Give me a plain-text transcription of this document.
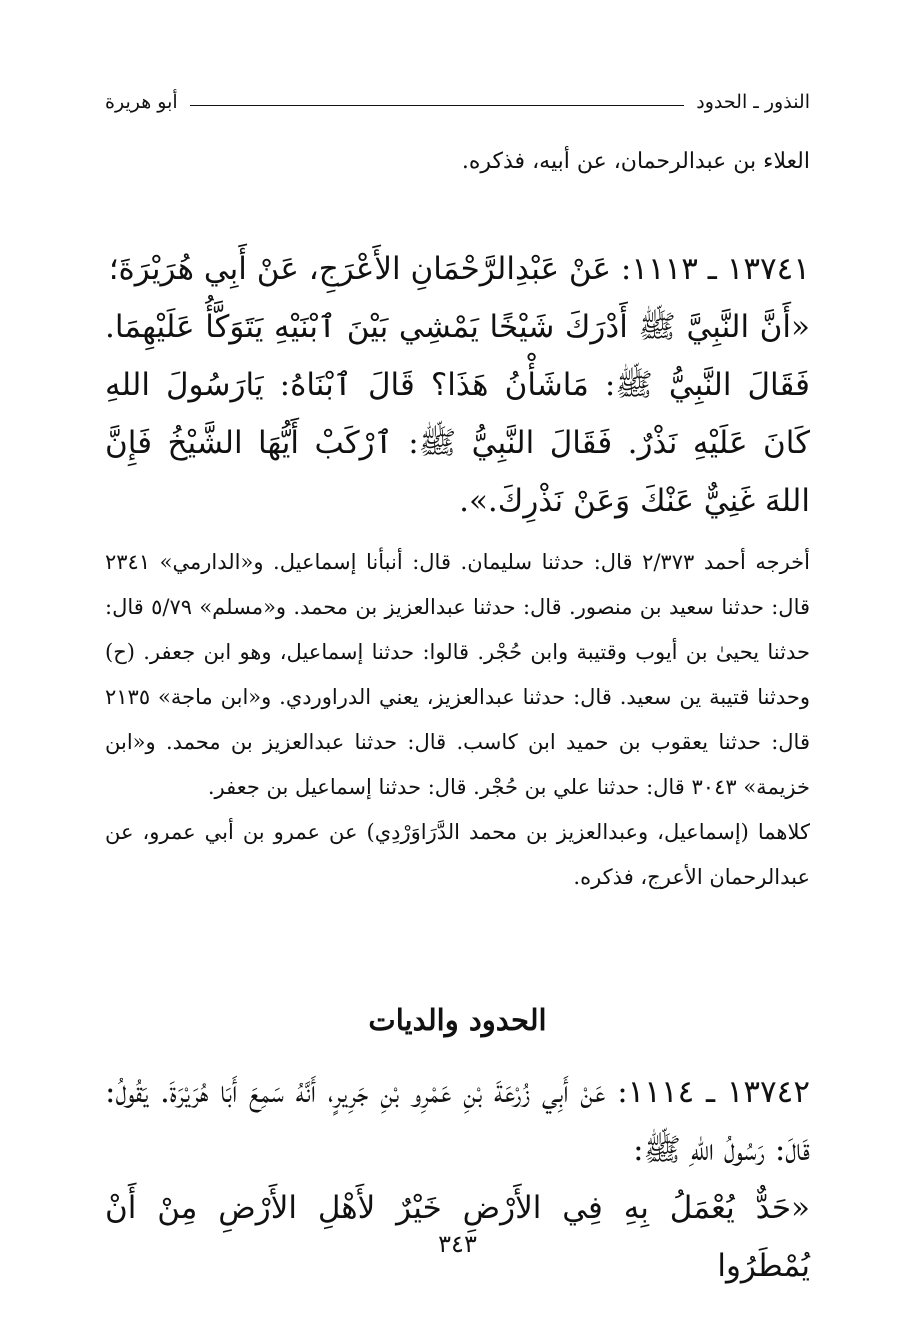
النذور ـ الحدود
أبو هريرة

العلاء بن عبدالرحمان، عن أبيه، فذكره.

١٣٧٤١ ـ ١١١٣: عَنْ عَبْدِالرَّحْمَانِ الأَعْرَجِ، عَنْ أَبِي هُرَيْرَةَ؛

«أَنَّ النَّبِيَّ ﷺ أَدْرَكَ شَيْخًا يَمْشِي بَيْنَ ٱبْنَيْهِ يَتَوَكَّأُ عَلَيْهِمَا. فَقَالَ النَّبِيُّ ﷺ: مَاشَأْنُ هَذَا؟ قَالَ ٱبْنَاهُ: يَارَسُولَ اللهِ كَانَ عَلَيْهِ نَذْرٌ. فَقَالَ النَّبِيُّ ﷺ: ٱرْكَبْ أَيُّهَا الشَّيْخُ فَإِنَّ اللهَ غَنِيٌّ عَنْكَ وَعَنْ نَذْرِكَ.».

أخرجه أحمد ٢/٣٧٣ قال: حدثنا سليمان. قال: أنبأنا إسماعيل. و«الدارمي» ٢٣٤١ قال: حدثنا سعيد بن منصور. قال: حدثنا عبدالعزيز بن محمد. و«مسلم» ٥/٧٩ قال: حدثنا يحيىٰ بن أيوب وقتيبة وابن حُجْر. قالوا: حدثنا إسماعيل، وهو ابن جعفر. (ح) وحدثنا قتيبة ين سعيد. قال: حدثنا عبدالعزيز، يعني الدراوردي. و«ابن ماجة» ٢١٣٥ قال: حدثنا يعقوب بن حميد ابن كاسب. قال: حدثنا عبدالعزيز بن محمد. و«ابن خزيمة» ٣٠٤٣ قال: حدثنا علي بن حُجْر. قال: حدثنا إسماعيل بن جعفر.

كلاهما (إسماعيل، وعبدالعزيز بن محمد الدَّرَاوَرْدِي) عن عمرو بن أبي عمرو، عن عبدالرحمان الأعرج، فذكره.

الحدود والديات

١٣٧٤٢ ـ ١١١٤: عَنْ أَبِي زُرْعَةَ بْنِ عَمْرِو بْنِ جَرِيرٍ، أَنَّهُ سَمِعَ أَبَا هُرَيْرَةَ. يَقُولُ: قَالَ: رَسُولُ اللهِ ﷺ:

«حَدٌّ يُعْمَلُ بِهِ فِي الأَرْضِ خَيْرٌ لأَهْلِ الأَرْضِ مِنْ أَنْ يُمْطَرُوا

٣٤٣
